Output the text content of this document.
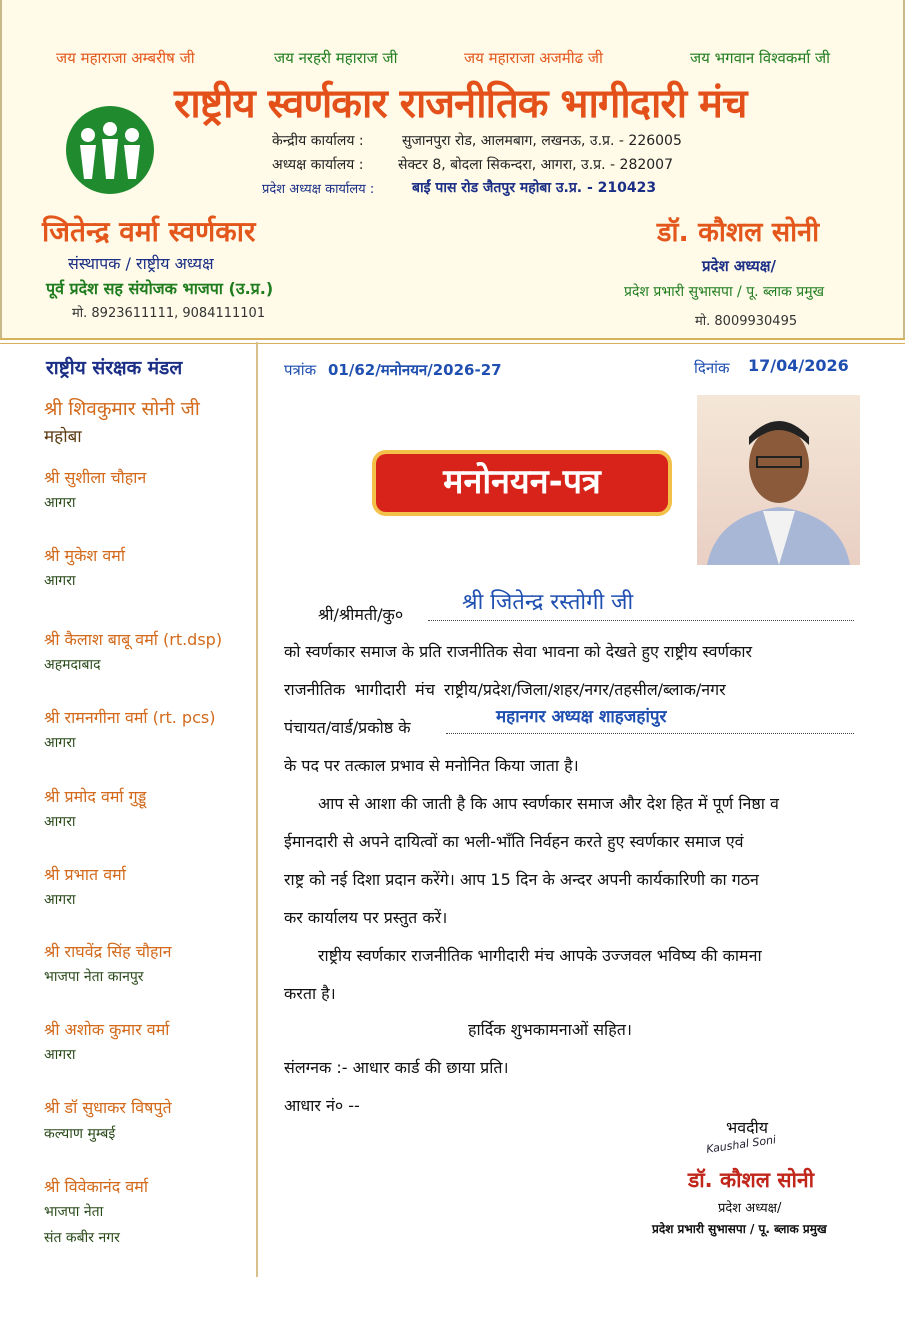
जय महाराजा अम्बरीष जी	जय नरहरी महाराज जी	जय महाराजा अजमीढ जी	जय भगवान विश्वकर्मा जी
राष्ट्रीय स्वर्णकार राजनीतिक भागीदारी मंच
केन्द्रीय कार्यालय :	सुजानपुरा रोड, आलमबाग, लखनऊ, उ.प्र. - 226005
अध्यक्ष कार्यालय : सेक्टर 8, बोदला सिकन्दरा, आगरा, उ.प्र. - 282007
प्रदेश अध्यक्ष कार्यालय :	बाईं पास रोड जैतपुर महोबा उ.प्र. - 210423
जितेन्द्र वर्मा स्वर्णकार
संस्थापक / राष्ट्रीय अध्यक्ष
पूर्व प्रदेश सह संयोजक भाजपा (उ.प्र.)
मो. 8923611111, 9084111101
डॉ. कौशल सोनी
प्रदेश अध्यक्ष/
प्रदेश प्रभारी सुभासपा / पू. ब्लाक प्रमुख
मो. 8009930495
राष्ट्रीय संरक्षक मंडल
श्री शिवकुमार सोनी जी
महोबा
श्री सुशीला चौहान
आगरा
श्री मुकेश वर्मा
आगरा
श्री कैलाश बाबू वर्मा (rt.dsp)
अहमदाबाद
श्री रामनगीना वर्मा (rt. pcs)
आगरा
श्री प्रमोद वर्मा गुड्डू
आगरा
श्री प्रभात वर्मा
आगरा
श्री राघवेंद्र सिंह चौहान
भाजपा नेता कानपुर
श्री अशोक कुमार वर्मा
आगरा
श्री डॉ सुधाकर विषपुते
कल्याण मुम्बई
श्री विवेकानंद वर्मा
भाजपा नेता
संत कबीर नगर
पत्रांक 01/62/मनोनयन/2026-27	दिनांक 17/04/2026
मनोनयन-पत्र
श्री/श्रीमती/कु०	श्री जितेन्द्र रस्तोगी जी
को स्वर्णकार समाज के प्रति राजनीतिक सेवा भावना को देखते हुए राष्ट्रीय स्वर्णकार
राजनीतिक भागीदारी मंच राष्ट्रीय/प्रदेश/जिला/शहर/नगर/तहसील/ब्लाक/नगर
पंचायत/वार्ड/प्रकोष्ठ के
महानगर अध्यक्ष शाहजहांपुर
के पद पर तत्काल प्रभाव से मनोनित किया जाता है।
आप से आशा की जाती है कि आप स्वर्णकार समाज और देश हित में पूर्ण निष्ठा व
ईमानदारी से अपने दायित्वों का भली-भाँति निर्वहन करते हुए स्वर्णकार समाज एवं
राष्ट्र को नई दिशा प्रदान करेंगे। आप 15 दिन के अन्दर अपनी कार्यकारिणी का गठन
कर कार्यालय पर प्रस्तुत करें।
राष्ट्रीय स्वर्णकार राजनीतिक भागीदारी मंच आपके उज्जवल भविष्य की कामना
करता है।
हार्दिक शुभकामनाओं सहित।
संलग्नक :- आधार कार्ड की छाया प्रति।
आधार नं० --
भवदीय
Kaushal Soni
डॉ. कौशल सोनी
प्रदेश अध्यक्ष/
प्रदेश प्रभारी सुभासपा / पू. ब्लाक प्रमुख
